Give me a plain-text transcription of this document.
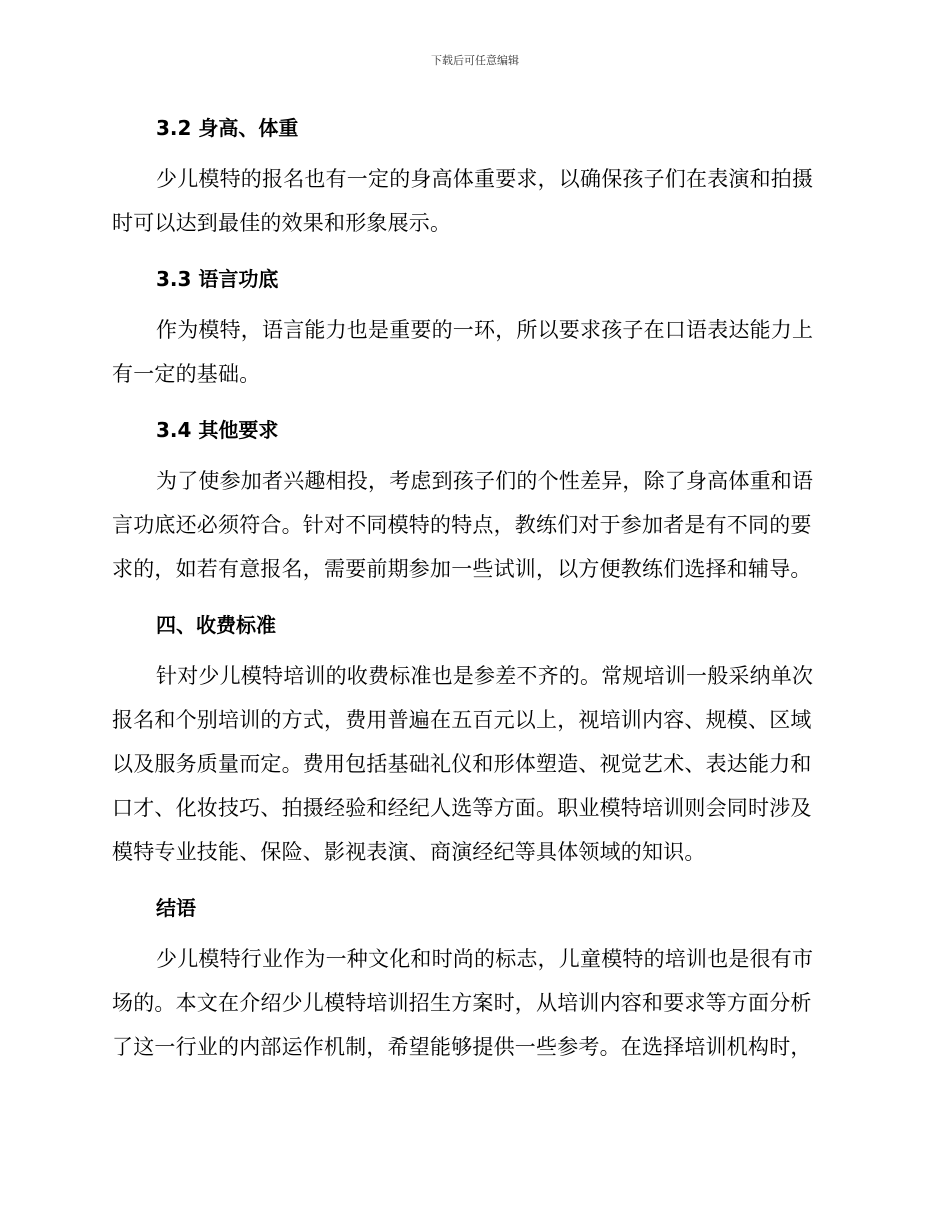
下载后可任意编辑
3.2 身高、体重

少儿模特的报名也有一定的身高体重要求，以确保孩子们在表演和拍摄时可以达到最佳的效果和形象展示。

3.3 语言功底

作为模特，语言能力也是重要的一环，所以要求孩子在口语表达能力上有一定的基础。

3.4 其他要求

为了使参加者兴趣相投，考虑到孩子们的个性差异，除了身高体重和语言功底还必须符合。针对不同模特的特点，教练们对于参加者是有不同的要求的，如若有意报名，需要前期参加一些试训，以方便教练们选择和辅导。

四、收费标准

针对少儿模特培训的收费标准也是参差不齐的。常规培训一般采纳单次报名和个别培训的方式，费用普遍在五百元以上，视培训内容、规模、区域以及服务质量而定。费用包括基础礼仪和形体塑造、视觉艺术、表达能力和口才、化妆技巧、拍摄经验和经纪人选等方面。职业模特培训则会同时涉及模特专业技能、保险、影视表演、商演经纪等具体领域的知识。

结语

少儿模特行业作为一种文化和时尚的标志，儿童模特的培训也是很有市场的。本文在介绍少儿模特培训招生方案时，从培训内容和要求等方面分析了这一行业的内部运作机制，希望能够提供一些参考。在选择培训机构时，
